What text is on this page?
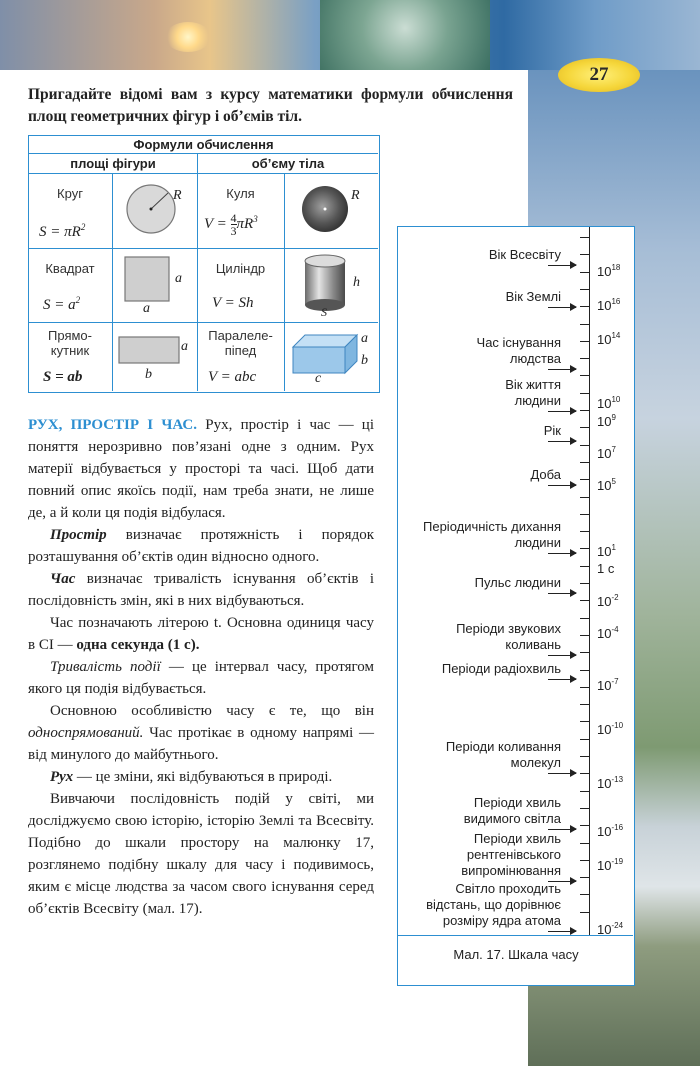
27
Пригадайте відомі вам з курсу математики формули обчислення площ геометричних фігур і об’ємів тіл.
Формули обчислення
площі фігури	об’єму тіла
Круг
$S = \pi R^2$
R	Куля
$V = \frac{4}{3} \pi R^3$
R
Квадрат
$S = a^2$
a
a
Циліндр
V = Sh
h
S
Прямо-
кутник
S = ab
a
b
Паралеле-
піпед
V = abc
a
b
c

РУХ, ПРОСТІР І ЧАС. Рух, простір і час — ці поняття нерозривно пов’язані одне з одним. Рух матерії відбувається у просторі та часі. Щоб дати повний опис якоїсь події, нам треба знати, не лише де, а й коли ця подія відбулася.

Простір визначає протяжність і порядок розташування об’єктів один відносно одного.

Час визначає тривалість існування об’єктів і послідовність змін, які в них відбуваються.

Час позначають літерою t. Основна одиниця часу в СІ — одна секунда (1 с).

Тривалість події — це інтервал часу, протягом якого ця подія відбувається.

Основною особливістю часу є те, що він односпрямований. Час протікає в одному напрямі — від минулого до майбутнього.

Рух — це зміни, які відбуваються в природі.

Вивчаючи послідовність подій у світі, ми досліджуємо свою історію, історію Землі та Всесвіту. Подібно до шкали простору на малюнку 17, розглянемо подібну шкалу для часу і подивимось, яким є місце людства за часом свого існування серед об’єктів Всесвіту (мал. 17).

Вік Всесвіту
Вік Землі
Час існування
людства
Вік життя
людини
Рік
Доба
Періодичність дихання
людини
Пульс людини
Періоди звукових
коливань
Періоди радіохвиль
Періоди коливання
молекул
Періоди хвиль
видимого світла
Періоди хвиль
рентгенівського
випромінювання
Світло проходить
відстань, що дорівнює
розміру ядра атома
$10^{18}$
$10^{16}$
$10^{14}$
$10^{10}$
$10^9$
$10^7$
$10^5$
$10^1$
1 с
$10^{-2}$
$10^{-4}$
$10^{-7}$
$10^{-10}$
$10^{-13}$
$10^{-16}$
$10^{-19}$
$10^{-24}$
Мал. 17. Шкала часу
